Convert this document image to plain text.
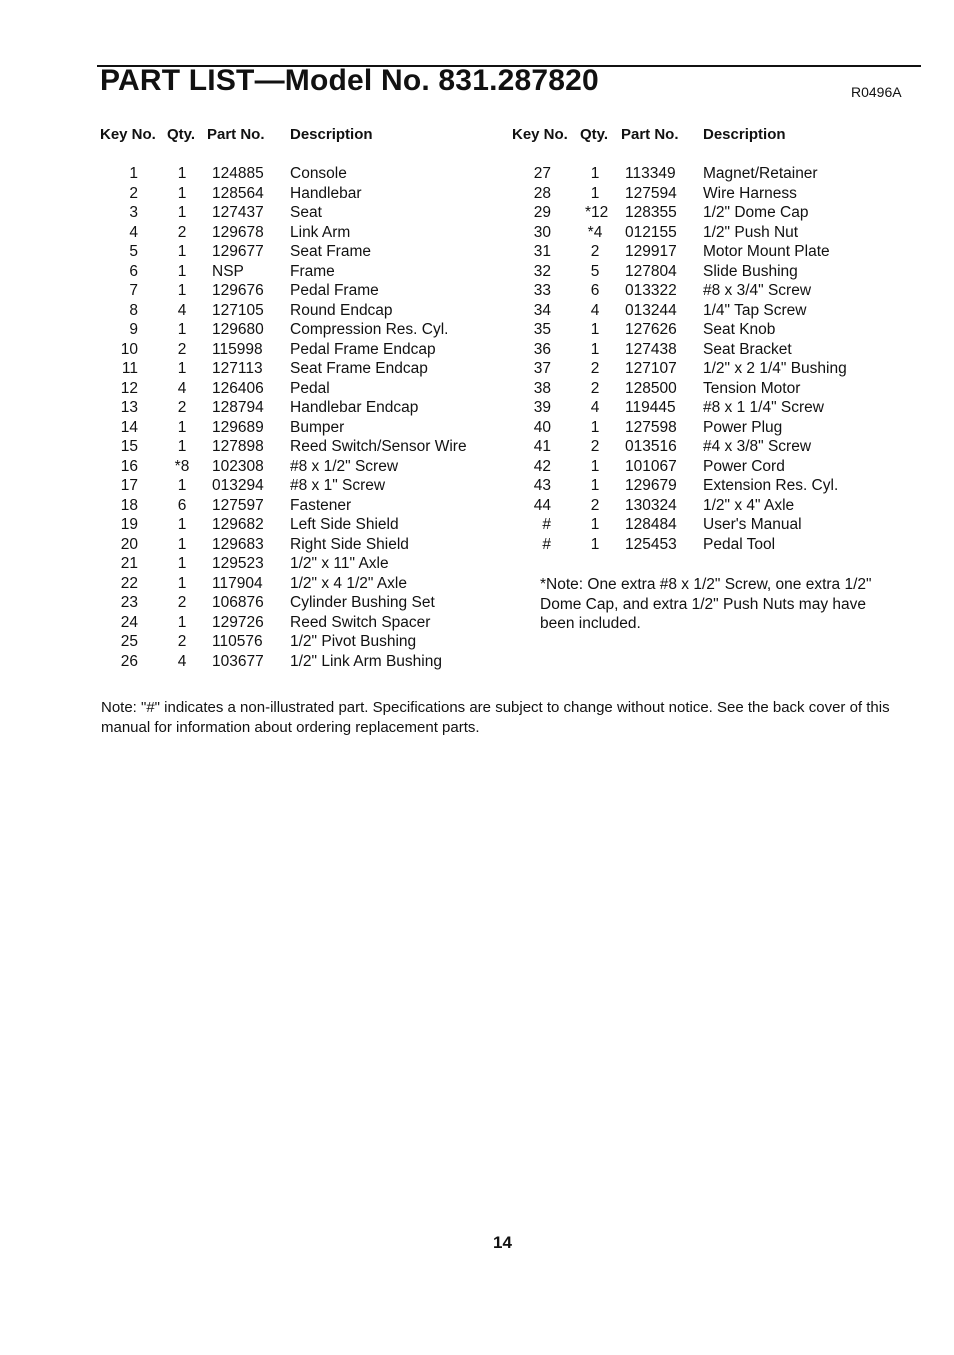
PART LIST—Model No. 831.287820	R0496A
Key No. Qty. Part No. Description	Key No. Qty. Part No. Description
1	1	124885 Console
2	1	128564 Handlebar
3	1	127437 Seat
4	2	129678 Link Arm
5	1	129677 Seat Frame
6	1	NSP	Frame
7	1	129676 Pedal Frame
8	4	127105 Round Endcap
9	1	129680 Compression Res. Cyl.
10	2	115998 Pedal Frame Endcap
11	1	127113 Seat Frame Endcap
12	4	126406 Pedal
13	2	128794 Handlebar Endcap
14	1	129689 Bumper
15	1	127898 Reed Switch/Sensor Wire
16 *8 102308 #8 x 1/2" Screw
17	1	013294 #8 x 1" Screw
18	6	127597 Fastener
19	1	129682 Left Side Shield
20	1	129683 Right Side Shield
21	1	129523 1/2" x 11" Axle
22	1	117904 1/2" x 4 1/2" Axle
23	2	106876 Cylinder Bushing Set
24	1	129726 Reed Switch Spacer
25	2	110576 1/2" Pivot Bushing
26	4	103677 1/2" Link Arm Bushing
27	1	113349 Magnet/Retainer
28	1	127594 Wire Harness
29 *12 128355 1/2" Dome Cap
30 *4 012155 1/2" Push Nut
31	2	129917 Motor Mount Plate
32	5	127804 Slide Bushing
33	6	013322 #8 x 3/4" Screw
34	4	013244 1/4" Tap Screw
35	1	127626 Seat Knob
36	1	127438 Seat Bracket
37	2	127107 1/2" x 2 1/4" Bushing
38	2	128500 Tension Motor
39	4	119445 #8 x 1 1/4" Screw
40	1	127598 Power Plug
41	2	013516 #4 x 3/8" Screw
42	1	101067 Power Cord
43	1	129679 Extension Res. Cyl.
44	2	130324 1/2" x 4" Axle
#	1	128484 User's Manual
#	1	125453 Pedal Tool
*Note: One extra #8 x 1/2" Screw, one extra 1/2" Dome Cap, and extra 1/2" Push Nuts may have been included.
Note: "#" indicates a non-illustrated part. Specifications are subject to change without notice. See the back cover of this manual for information about ordering replacement parts.
14
